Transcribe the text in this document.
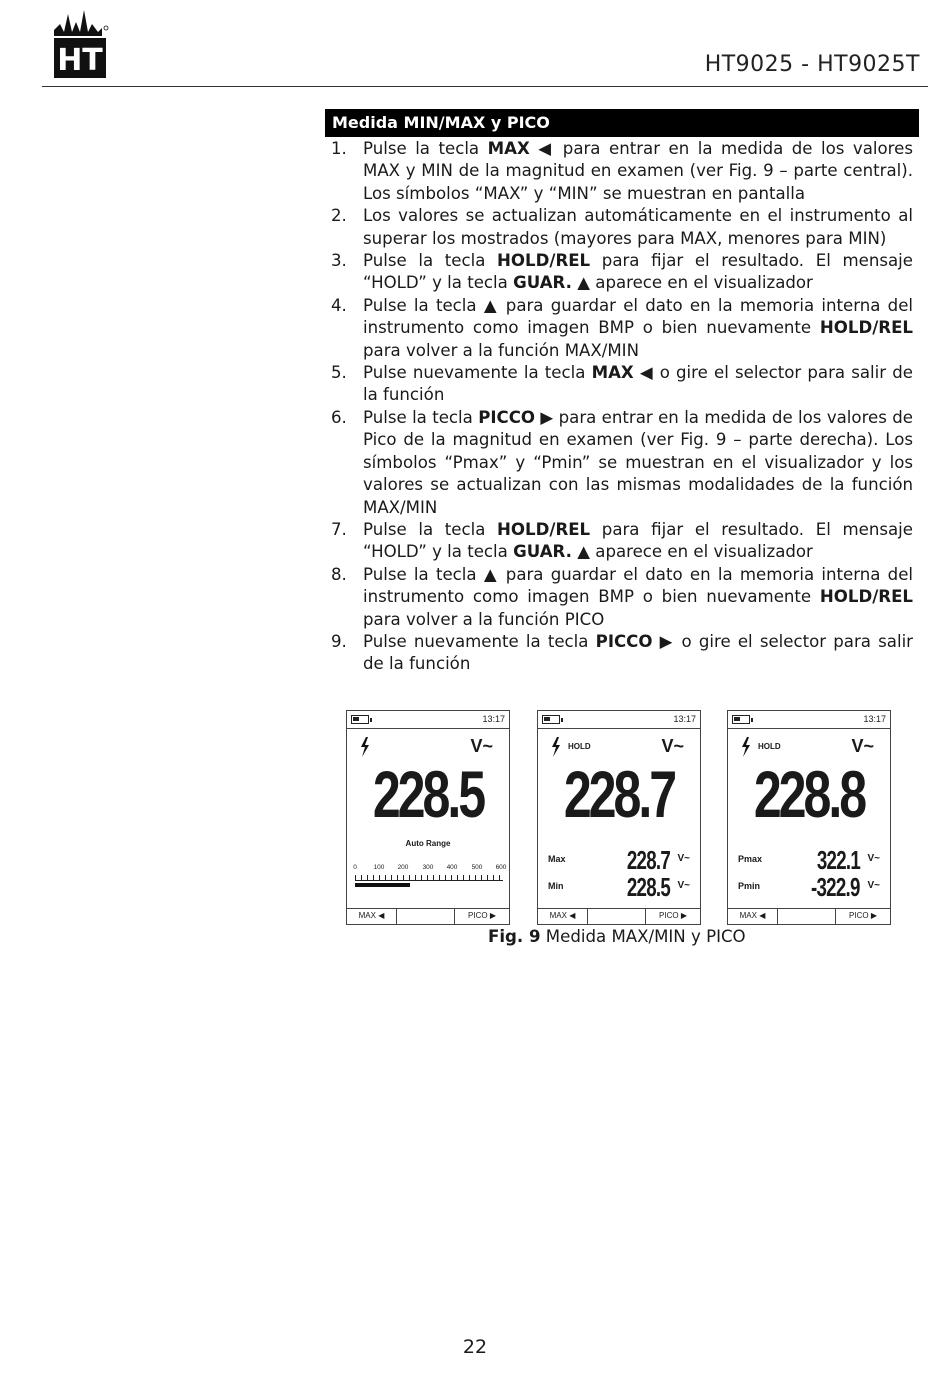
HT	HT9025 - HT9025T
Medida MIN/MAX y PICO
1. Pulse la tecla MAX ◀ para entrar en la medida de los valores MAX y MIN de la magnitud en examen (ver Fig. 9 – parte central). Los símbolos “MAX” y “MIN” se muestran en pantalla
2. Los valores se actualizan automáticamente en el instrumento al superar los mostrados (mayores para MAX, menores para MIN)
3. Pulse la tecla HOLD/REL para fijar el resultado. El mensaje “HOLD” y la tecla GUAR. ▲ aparece en el visualizador
4. Pulse la tecla ▲ para guardar el dato en la memoria interna del instrumento como imagen BMP o bien nuevamente HOLD/REL para volver a la función MAX/MIN
5. Pulse nuevamente la tecla MAX ◀ o gire el selector para salir de la función
6. Pulse la tecla PICCO ▶ para entrar en la medida de los valores de Pico de la magnitud en examen (ver Fig. 9 – parte derecha). Los símbolos “Pmax” y “Pmin” se muestran en el visualizador y los valores se actualizan con las mismas modalidades de la función MAX/MIN
7. Pulse la tecla HOLD/REL para fijar el resultado. El mensaje “HOLD” y la tecla GUAR. ▲ aparece en el visualizador
8. Pulse la tecla ▲ para guardar el dato en la memoria interna del instrumento como imagen BMP o bien nuevamente HOLD/REL para volver a la función PICO
9. Pulse nuevamente la tecla PICCO ▶ o gire el selector para salir de la función
13:17
V~
228.5
Auto Range
0	100 200 300 400 500 600
MAX ◀	PICO ▶
13:17
HOLD	V~
228.7
Max 228.7 V~
Min 228.5 V~
MAX ◀	PICO ▶
13:17
HOLD	V~
228.8
Pmax 322.1 V~
Pmin -322.9 V~
MAX ◀	PICO ▶
Fig. 9 Medida MAX/MIN y PICO
22
